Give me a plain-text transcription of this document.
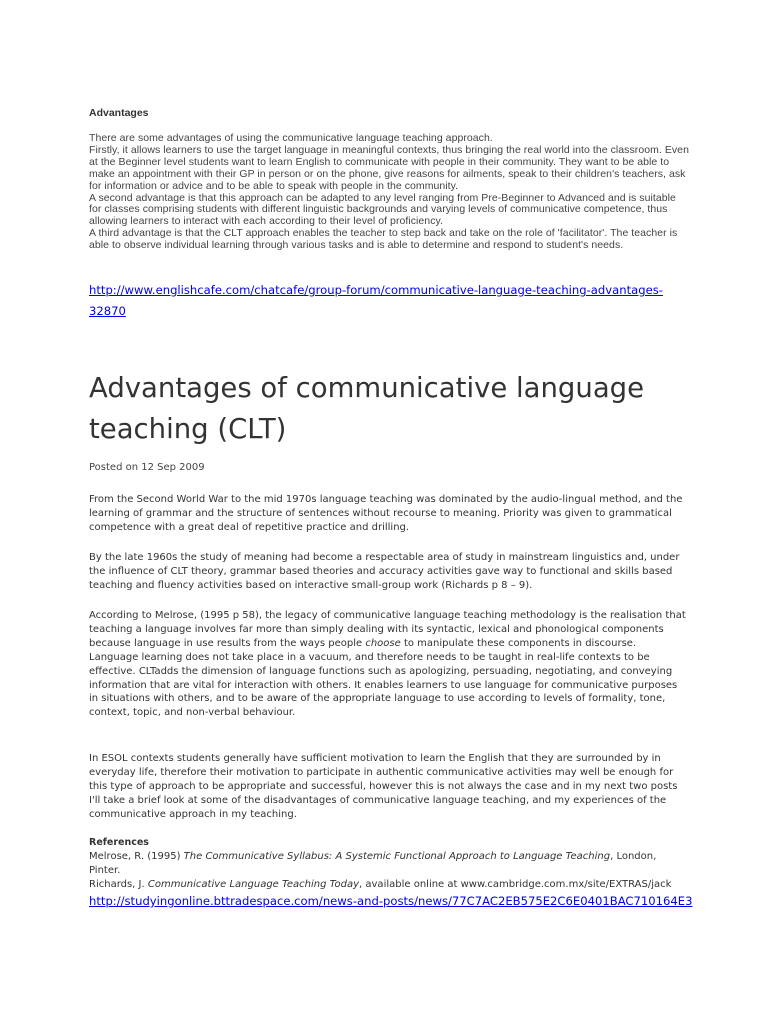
Advantages

There are some advantages of using the communicative language teaching approach.

Firstly, it allows learners to use the target language in meaningful contexts, thus bringing the real world into the classroom. Even at the Beginner level students want to learn English to communicate with people in their community. They want to be able to make an appointment with their GP in person or on the phone, give reasons for ailments, speak to their children's teachers, ask for information or advice and to be able to speak with people in the community.

A second advantage is that this approach can be adapted to any level ranging from Pre-Beginner to Advanced and is suitable for classes comprising students with different linguistic backgrounds and varying levels of communicative competence, thus allowing learners to interact with each according to their level of proficiency.

A third advantage is that the CLT approach enables the teacher to step back and take on the role of 'facilitator'. The teacher is able to observe individual learning through various tasks and is able to determine and respond to student's needs.

http://www.englishcafe.com/chatcafe/group-forum/communicative-language-teaching-advantages-32870
Advantages of communicative language teaching (CLT)
Posted on 12 Sep 2009

From the Second World War to the mid 1970s language teaching was dominated by the audio-lingual method, and the learning of grammar and the structure of sentences without recourse to meaning. Priority was given to grammatical competence with a great deal of repetitive practice and drilling.

By the late 1960s the study of meaning had become a respectable area of study in mainstream linguistics and, under the influence of CLT theory, grammar based theories and accuracy activities gave way to functional and skills based teaching and fluency activities based on interactive small-group work (Richards p 8 – 9).

According to Melrose, (1995 p 58), the legacy of communicative language teaching methodology is the realisation that teaching a language involves far more than simply dealing with its syntactic, lexical and phonological components because language in use results from the ways people choose to manipulate these components in discourse.

Language learning does not take place in a vacuum, and therefore needs to be taught in real-life contexts to be effective. CLTadds the dimension of language functions such as apologizing, persuading, negotiating, and conveying information that are vital for interaction with others. It enables learners to use language for communicative purposes in situations with others, and to be aware of the appropriate language to use according to levels of formality, tone, context, topic, and non-verbal behaviour.

In ESOL contexts students generally have sufficient motivation to learn the English that they are surrounded by in everyday life, therefore their motivation to participate in authentic communicative activities may well be enough for this type of approach to be appropriate and successful, however this is not always the case and in my next two posts I'll take a brief look at some of the disadvantages of communicative language teaching, and my experiences of the communicative approach in my teaching.

References

Melrose, R. (1995) The Communicative Syllabus: A Systemic Functional Approach to Language Teaching, London, Pinter.

Richards, J. Communicative Language Teaching Today, available online at www.cambridge.com.mx/site/EXTRAS/jack

http://studyingonline.bttradespace.com/news-and-posts/news/77C7AC2EB575E2C6E0401BAC710164E3
